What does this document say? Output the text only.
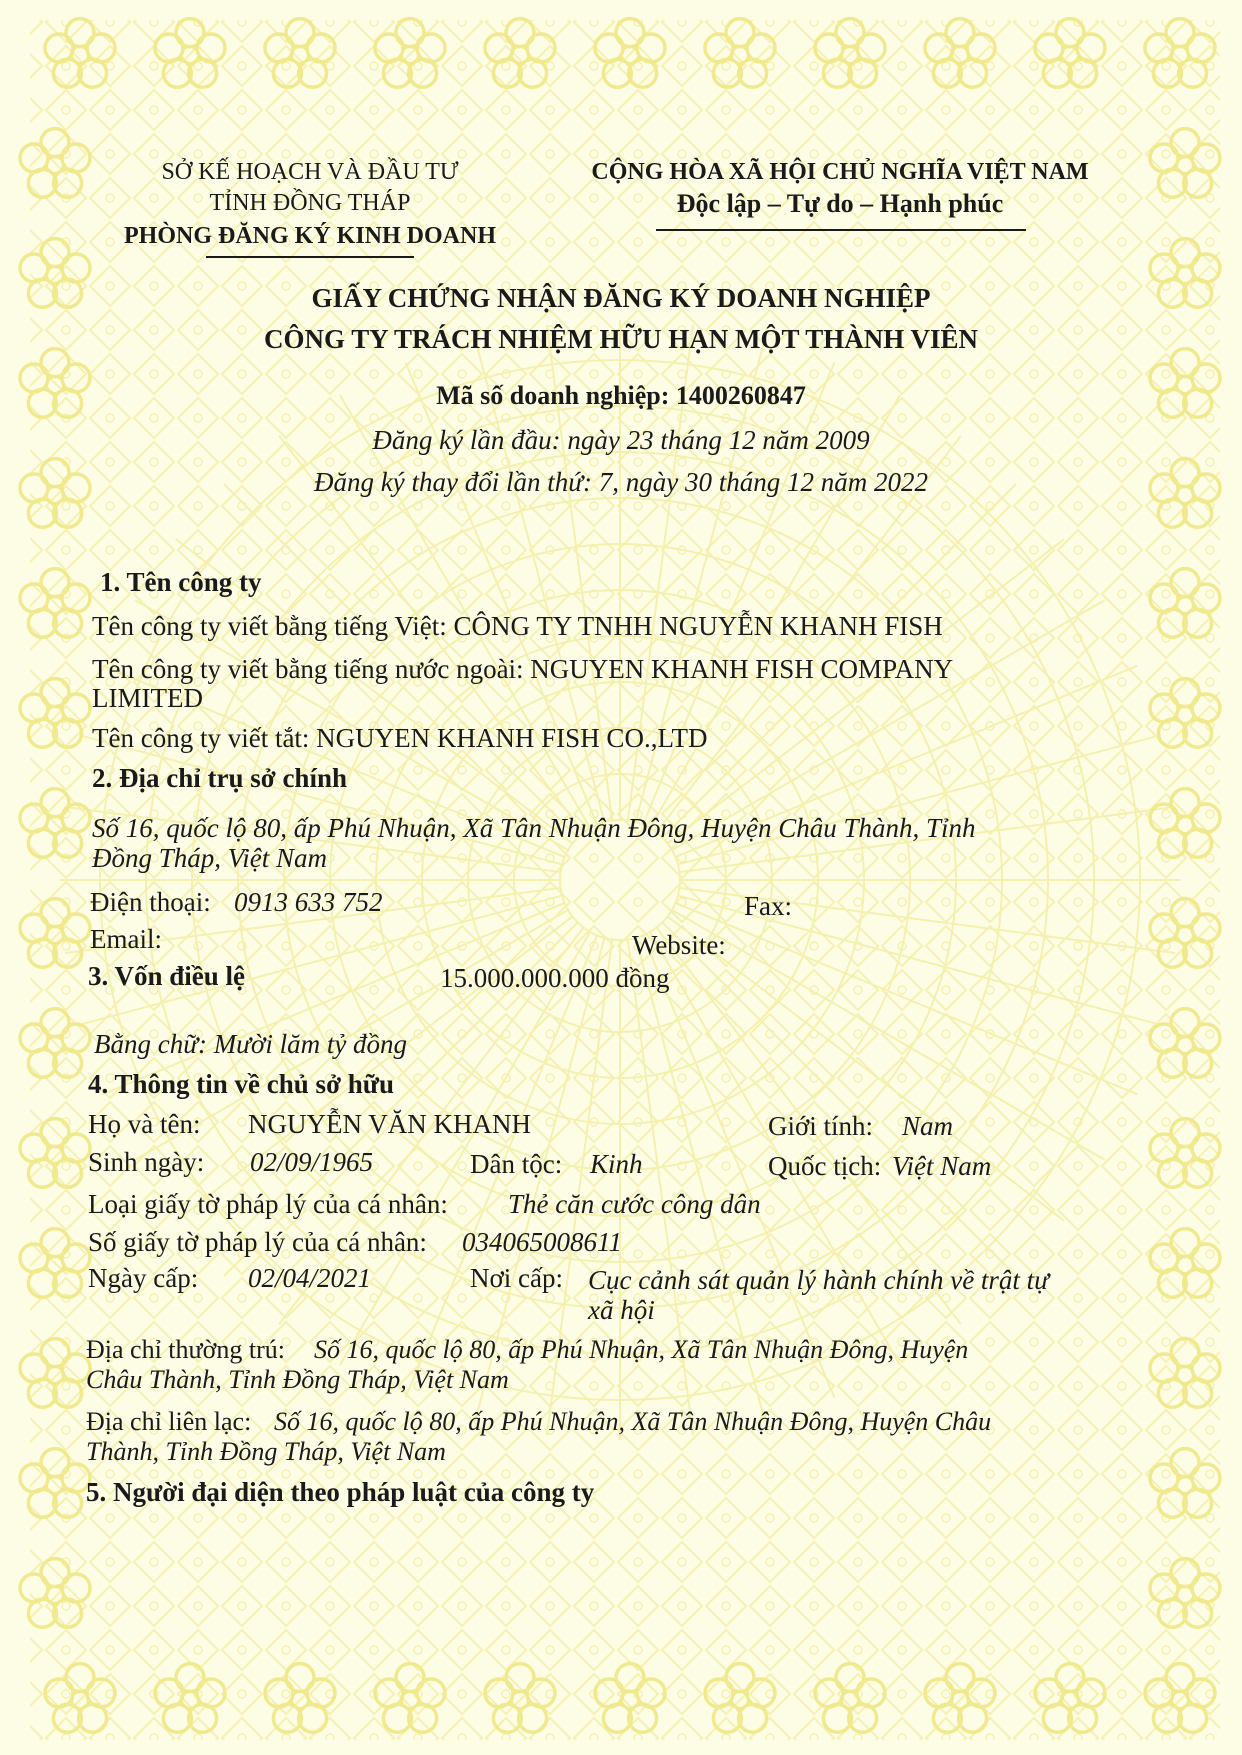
SỞ KẾ HOẠCH VÀ ĐẦU TƯ
TỈNH ĐỒNG THÁP
PHÒNG ĐĂNG KÝ KINH DOANH
CỘNG HÒA XÃ HỘI CHỦ NGHĨA VIỆT NAM
Độc lập – Tự do – Hạnh phúc
GIẤY CHỨNG NHẬN ĐĂNG KÝ DOANH NGHIỆP
CÔNG TY TRÁCH NHIỆM HỮU HẠN MỘT THÀNH VIÊN
Mã số doanh nghiệp: 1400260847
Đăng ký lần đầu: ngày 23 tháng 12 năm 2009
Đăng ký thay đổi lần thứ: 7, ngày 30 tháng 12 năm 2022
1. Tên công ty
Tên công ty viết bằng tiếng Việt: CÔNG TY TNHH NGUYỄN KHANH FISH
Tên công ty viết bằng tiếng nước ngoài: NGUYEN KHANH FISH COMPANY
LIMITED
Tên công ty viết tắt: NGUYEN KHANH FISH CO.,LTD
2. Địa chỉ trụ sở chính
Số 16, quốc lộ 80, ấp Phú Nhuận, Xã Tân Nhuận Đông, Huyện Châu Thành, Tỉnh
Đồng Tháp, Việt Nam
Điện thoại: 0913 633 752	Fax:
Email:	Website:
3. Vốn điều lệ	15.000.000.000 đồng
Bằng chữ: Mười lăm tỷ đồng
4. Thông tin về chủ sở hữu
Họ và tên: NGUYỄN VĂN KHANH	Giới tính: Nam
Sinh ngày: 02/09/1965	Dân tộc: Kinh	Quốc tịch: Việt Nam
Loại giấy tờ pháp lý của cá nhân: Thẻ căn cước công dân
Số giấy tờ pháp lý của cá nhân: 034065008611
Ngày cấp: 02/04/2021	Nơi cấp: Cục cảnh sát quản lý hành chính về trật tự
xã hội
Địa chỉ thường trú: Số 16, quốc lộ 80, ấp Phú Nhuận, Xã Tân Nhuận Đông, Huyện
Châu Thành, Tỉnh Đồng Tháp, Việt Nam
Địa chỉ liên lạc: Số 16, quốc lộ 80, ấp Phú Nhuận, Xã Tân Nhuận Đông, Huyện Châu
Thành, Tỉnh Đồng Tháp, Việt Nam
5. Người đại diện theo pháp luật của công ty
